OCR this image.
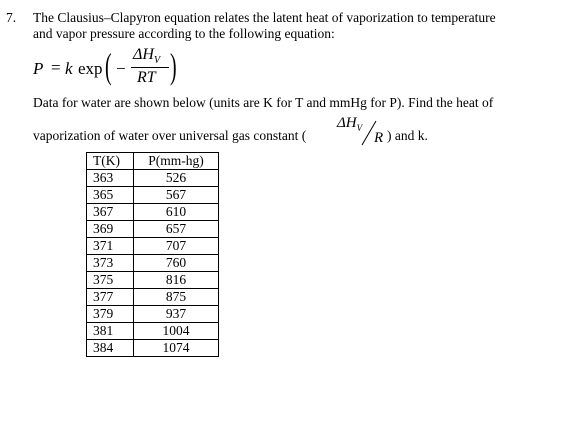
7. The Clausius–Clapyron equation relates the latent heat of vaporization to temperature
and vapor pressure according to the following equation:
P = k exp ( −
$\Delta H_V$
RT )
Data for water are shown below (units are K for T and mmHg for P). Find the heat of
vaporization of water over universal gas constant (
$\Delta H_V$
R ) and k.
T(K)	P(mm-hg)
363	526
365	567
367	610
369	657
371	707
373	760
375	816
377	875
379	937
381	1004
384	1074
